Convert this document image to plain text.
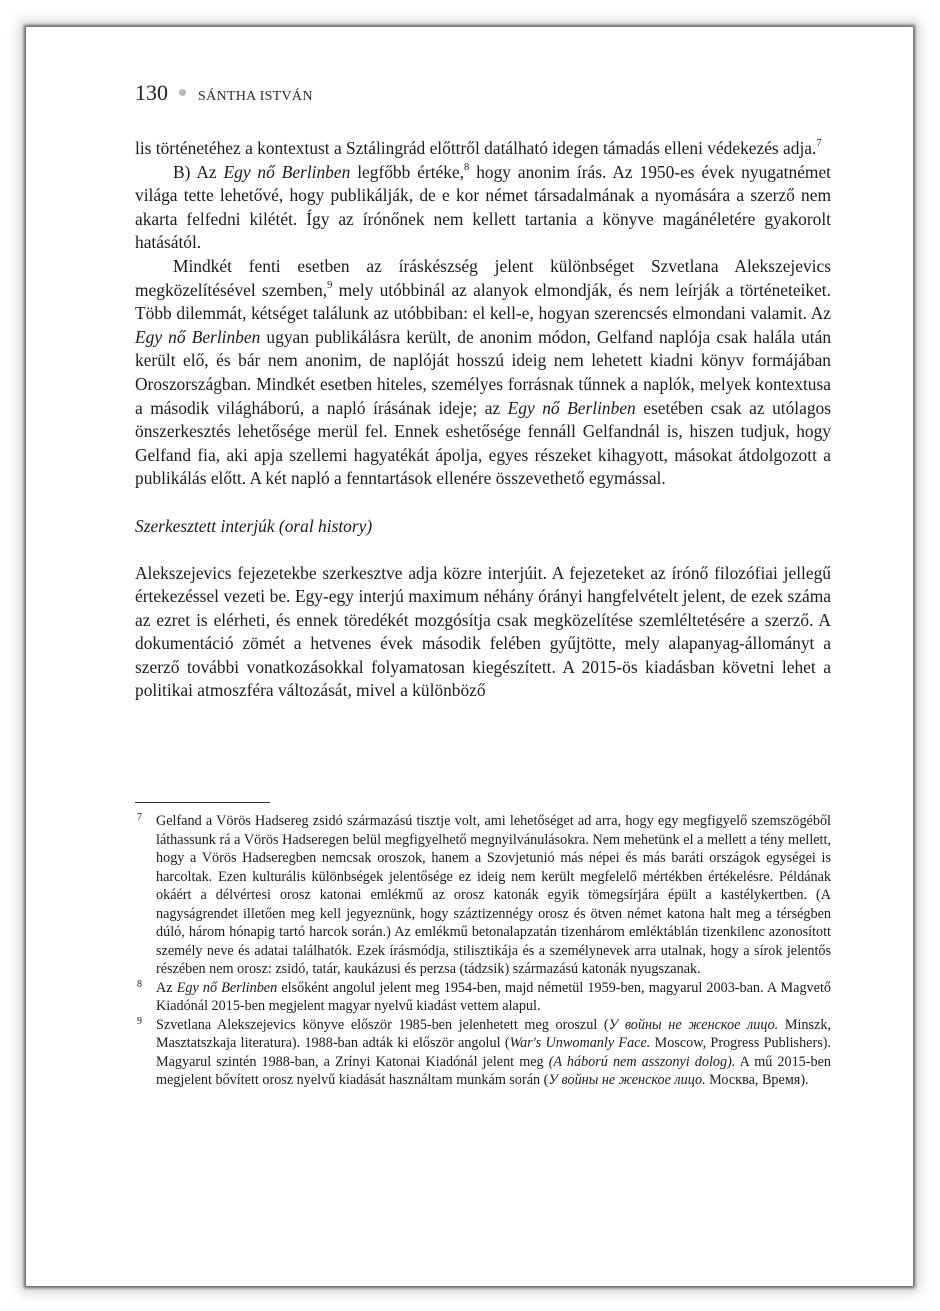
130 SÁNTHA ISTVÁN

lis történetéhez a kontextust a Sztálingrád előttről datálható idegen támadás elleni védekezés adja.$^7$

B) Az Egy nő Berlinben legfőbb értéke,$^8$ hogy anonim írás. Az 1950-es évek nyugatnémet világa tette lehetővé, hogy publikálják, de e kor német társadalmának a nyomására a szerző nem akarta felfedni kilétét. Így az írónőnek nem kellett tartania a könyve magánéletére gyakorolt hatásától.

Mindkét fenti esetben az íráskészség jelent különbséget Szvetlana Alekszejevics megközelítésével szemben,$^9$ mely utóbbinál az alanyok elmondják, és nem leírják a történeteiket. Több dilemmát, kétséget találunk az utóbbiban: el kell-e, hogyan szerencsés elmondani valamit. Az Egy nő Berlinben ugyan publikálásra került, de anonim módon, Gelfand naplója csak halála után került elő, és bár nem anonim, de naplóját hosszú ideig nem lehetett kiadni könyv formájában Oroszországban. Mindkét esetben hiteles, személyes forrásnak tűnnek a naplók, melyek kontextusa a második világháború, a napló írásának ideje; az Egy nő Berlinben esetében csak az utólagos önszerkesztés lehetősége merül fel. Ennek eshetősége fennáll Gelfandnál is, hiszen tudjuk, hogy Gelfand fia, aki apja szellemi hagyatékát ápolja, egyes részeket kihagyott, másokat átdolgozott a publikálás előtt. A két napló a fenntartások ellenére összevethető egymással.

Szerkesztett interjúk (oral history)

Alekszejevics fejezetekbe szerkesztve adja közre interjúit. A fejezeteket az írónő filozófiai jellegű értekezéssel vezeti be. Egy-egy interjú maximum néhány órányi hangfelvételt jelent, de ezek száma az ezret is elérheti, és ennek töredékét mozgósítja csak megközelítése szemléltetésére a szerző. A dokumentáció zömét a hetvenes évek második felében gyűjtötte, mely alapanyag-állományt a szerző további vonatkozásokkal folyamatosan kiegészített. A 2015-ös kiadásban követni lehet a politikai atmoszféra változását, mivel a különböző

7 Gelfand a Vörös Hadsereg zsidó származású tisztje volt, ami lehetőséget ad arra, hogy egy megfigyelő szemszögéből láthassunk rá a Vörös Hadseregen belül megfigyelhető megnyilvánulásokra. Nem mehetünk el a mellett a tény mellett, hogy a Vörös Hadseregben nemcsak oroszok, hanem a Szovjetunió más népei és más baráti országok egységei is harcoltak. Ezen kulturális különbségek jelentősége ez ideig nem került megfelelő mértékben értékelésre. Példának okáért a délvértesi orosz katonai emlékmű az orosz katonák egyik tömegsírjára épült a kastélykertben. (A nagyságrendet illetően meg kell jegyeznünk, hogy száztizennégy orosz és ötven német katona halt meg a térségben dúló, három hónapig tartó harcok során.) Az emlékmű betonalapzatán tizenhárom emléktáblán tizenkilenc azonosított személy neve és adatai találhatók. Ezek írásmódja, stilisztikája és a személynevek arra utalnak, hogy a sírok jelentős részében nem orosz: zsidó, tatár, kaukázusi és perzsa (tádzsik) származású katonák nyugszanak.

8 Az Egy nő Berlinben elsőként angolul jelent meg 1954-ben, majd németül 1959-ben, magyarul 2003-ban. A Magvető Kiadónál 2015-ben megjelent magyar nyelvű kiadást vettem alapul.

9 Szvetlana Alekszejevics könyve először 1985-ben jelenhetett meg oroszul (У войны не женское лицо. Minszk, Masztatszkaja literatura). 1988-ban adták ki először angolul (War's Unwomanly Face. Moscow, Progress Publishers). Magyarul szintén 1988-ban, a Zrínyi Katonai Kiadónál jelent meg (A háború nem asszonyi dolog). A mű 2015-ben megjelent bővített orosz nyelvű kiadását használtam munkám során (У войны не женское лицо. Москва, Время).
